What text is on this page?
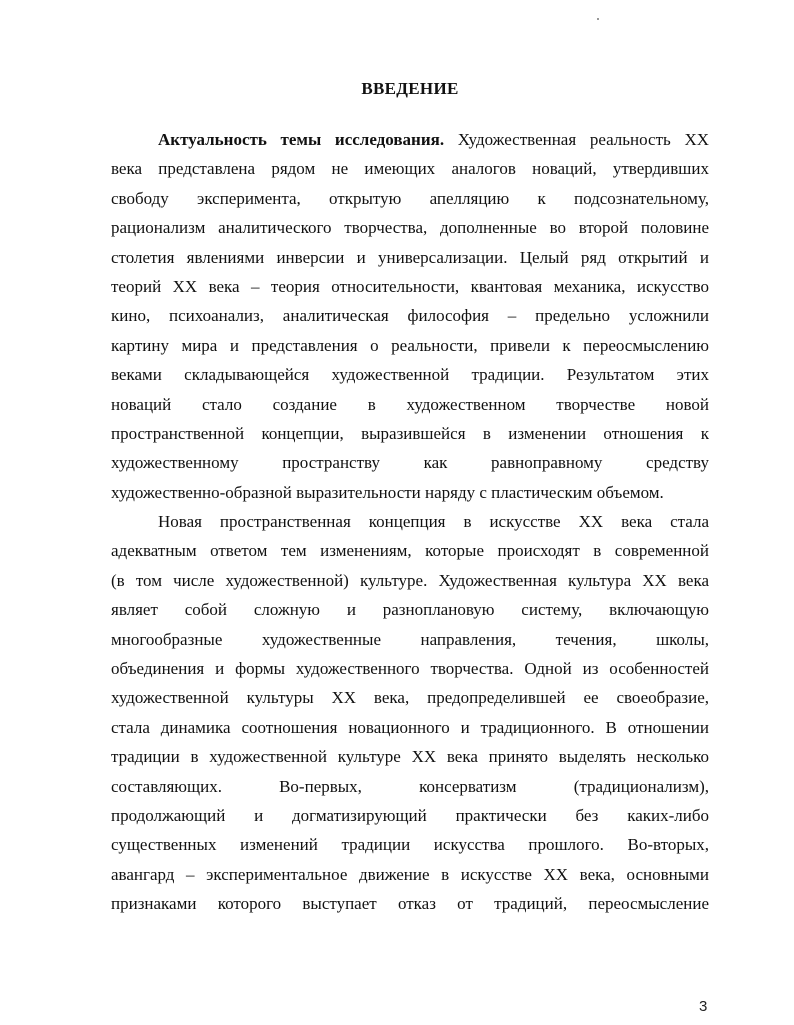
ВВЕДЕНИЕ

Актуальность темы исследования. Художественная реальность XX
века представлена рядом не имеющих аналогов новаций, утвердивших
свободу эксперимента, открытую апелляцию к подсознательному,
рационализм аналитического творчества, дополненные во второй половине
столетия явлениями инверсии и универсализации. Целый ряд открытий и
теорий XX века – теория относительности, квантовая механика, искусство
кино, психоанализ, аналитическая философия – предельно усложнили
картину мира и представления о реальности, привели к переосмыслению
веками складывающейся художественной традиции. Результатом этих
новаций стало создание в художественном творчестве новой
пространственной концепции, выразившейся в изменении отношения к
художественному пространству как равноправному средству
художественно-образной выразительности наряду с пластическим объемом.

Новая пространственная концепция в искусстве XX века стала
адекватным ответом тем изменениям, которые происходят в современной
(в том числе художественной) культуре. Художественная культура XX века
являет собой сложную и разноплановую систему, включающую
многообразные художественные направления, течения, школы,
объединения и формы художественного творчества. Одной из особенностей
художественной культуры XX века, предопределившей ее своеобразие,
стала динамика соотношения новационного и традиционного. В отношении
традиции в художественной культуре XX века принято выделять несколько
составляющих. Во-первых, консерватизм (традиционализм),
продолжающий и догматизирующий практически без каких-либо
существенных изменений традиции искусства прошлого. Во-вторых,
авангард – экспериментальное движение в искусстве XX века, основными
признаками которого выступает отказ от традиций, переосмысление

3
